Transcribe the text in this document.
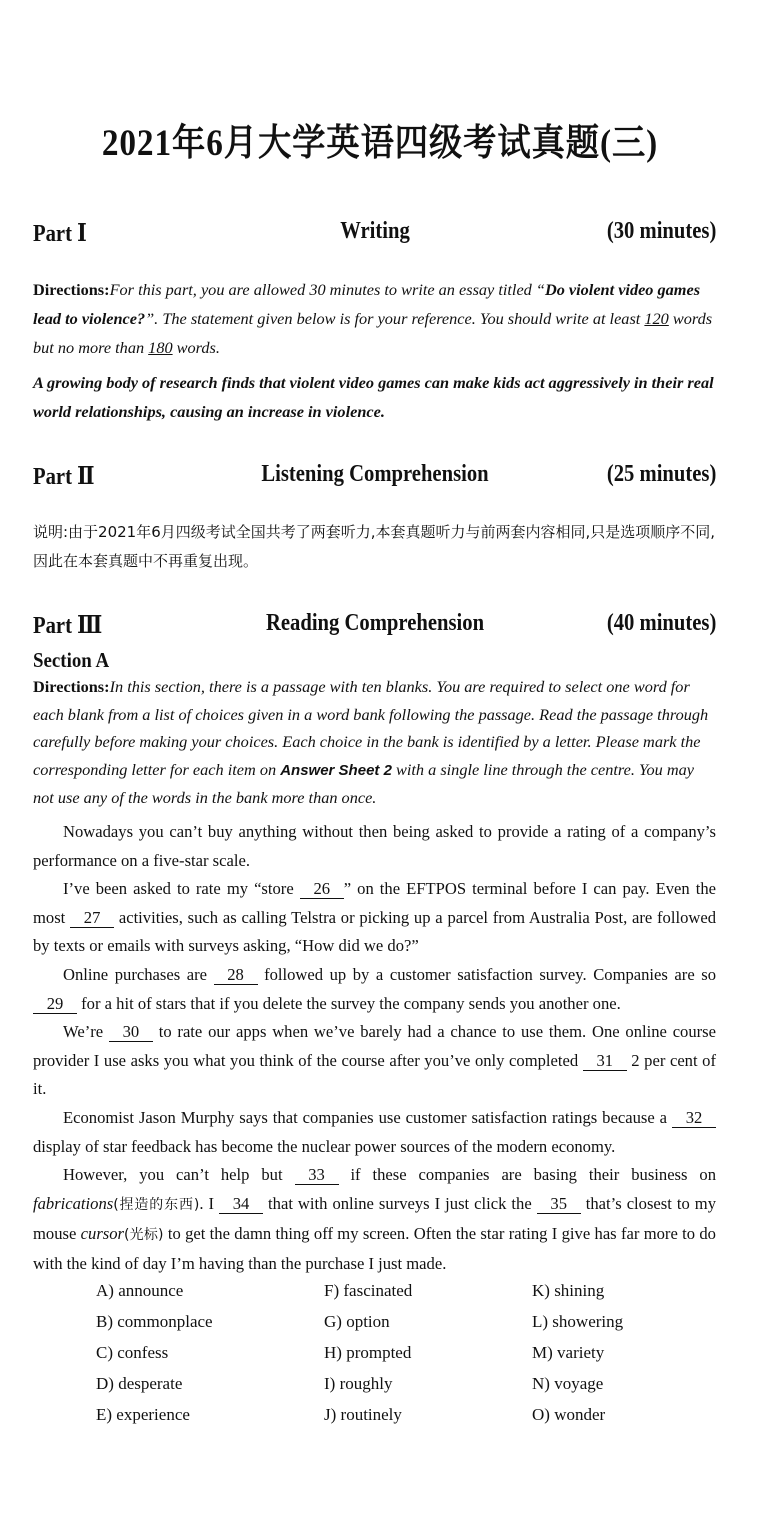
2021年6月大学英语四级考试真题(三)
Part Ⅰ	Writing	(30 minutes)
Directions:For this part, you are allowed 30 minutes to write an essay titled “Do violent video games lead to violence?”. The statement given below is for your reference. You should write at least 120 words but no more than 180 words.
A growing body of research finds that violent video games can make kids act aggressively in their real world relationships, causing an increase in violence.
Part Ⅱ	Listening Comprehension	(25 minutes)
说明:由于2021年6月四级考试全国共考了两套听力,本套真题听力与前两套内容相同,只是选项顺序不同,因此在本套真题中不再重复出现。
Part Ⅲ	Reading Comprehension	(40 minutes)
Section A
Directions:In this section, there is a passage with ten blanks. You are required to select one word for each blank from a list of choices given in a word bank following the passage. Read the passage through carefully before making your choices. Each choice in the bank is identified by a letter. Please mark the corresponding letter for each item on Answer Sheet 2 with a single line through the centre. You may not use any of the words in the bank more than once.

Nowadays you can’t buy anything without then being asked to provide a rating of a company’s performance on a five-star scale.

I’ve been asked to rate my “store 26 ” on the EFTPOS terminal before I can pay. Even the most 27 activities, such as calling Telstra or picking up a parcel from Australia Post, are followed by texts or emails with surveys asking, “How did we do?”

Online purchases are 28 followed up by a customer satisfaction survey. Companies are so 29 for a hit of stars that if you delete the survey the company sends you another one.

We’re 30 to rate our apps when we’ve barely had a chance to use them. One online course provider I use asks you what you think of the course after you’ve only completed 31 2 per cent of it.

Economist Jason Murphy says that companies use customer satisfaction ratings because a 32 display of star feedback has become the nuclear power sources of the modern economy.

However, you can’t help but 33 if these companies are basing their business on fabrications(捏造的东西). I 34 that with online surveys I just click the 35 that’s closest to my mouse cursor(光标) to get the damn thing off my screen. Often the star rating I give has far more to do with the kind of day I’m having than the purchase I just made.

A) announce
B) commonplace
C) confess
D) desperate
E) experience
F) fascinated
G) option
H) prompted
I) roughly
J) routinely
K) shining
L) showering
M) variety
N) voyage
O) wonder
